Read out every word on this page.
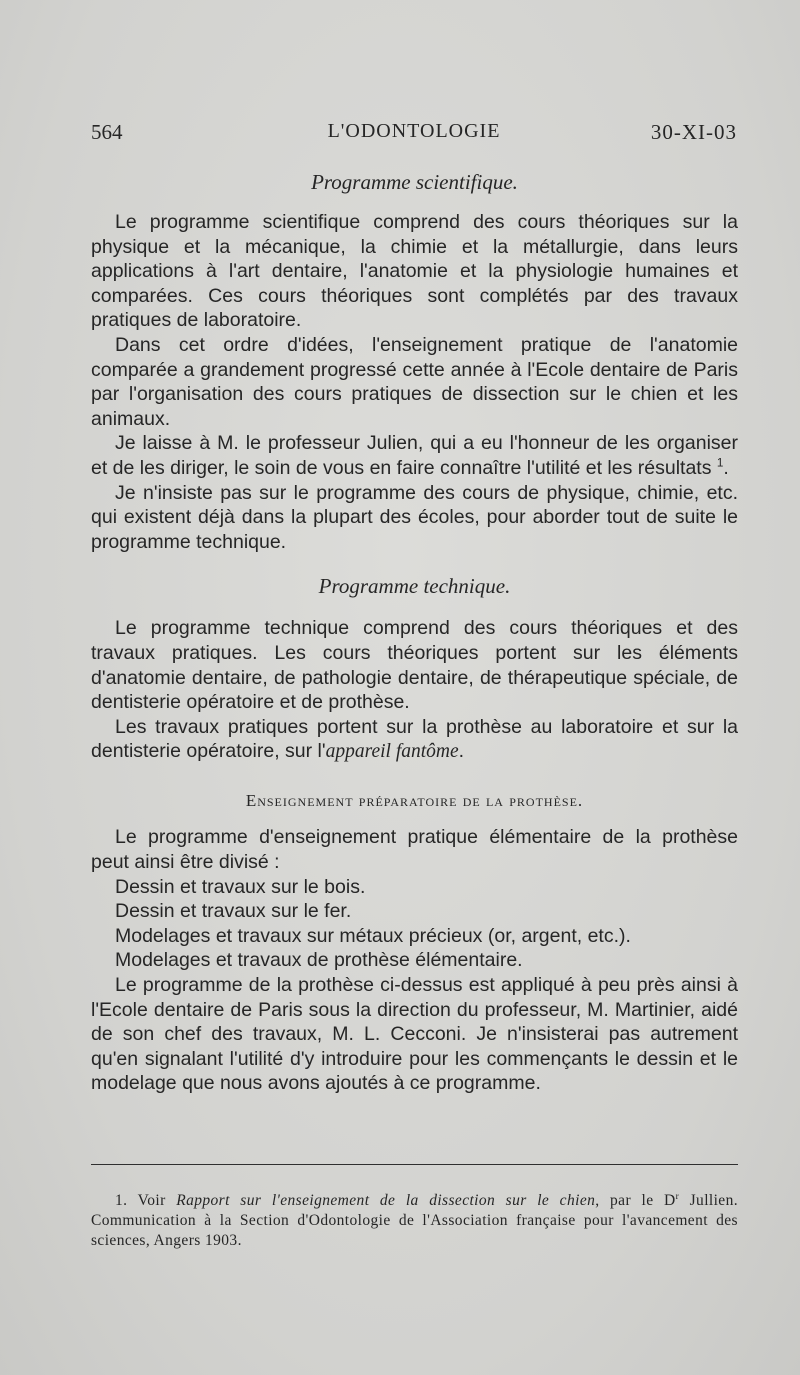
564	L'ODONTOLOGIE	30-XI-03

Programme scientifique.

Le programme scientifique comprend des cours théoriques sur la physique et la mécanique, la chimie et la métallurgie, dans leurs applications à l'art dentaire, l'anatomie et la physiologie humaines et comparées. Ces cours théoriques sont complétés par des travaux pratiques de laboratoire.

Dans cet ordre d'idées, l'enseignement pratique de l'anatomie comparée a grandement progressé cette année à l'Ecole dentaire de Paris par l'organisation des cours pratiques de dissection sur le chien et les animaux.

Je laisse à M. le professeur Julien, qui a eu l'honneur de les organiser et de les diriger, le soin de vous en faire connaître l'utilité et les résultats $^1$.

Je n'insiste pas sur le programme des cours de physique, chimie, etc. qui existent déjà dans la plupart des écoles, pour aborder tout de suite le programme technique.

Programme technique.

Le programme technique comprend des cours théoriques et des travaux pratiques. Les cours théoriques portent sur les éléments d'anatomie dentaire, de pathologie dentaire, de thérapeutique spéciale, de dentisterie opératoire et de prothèse.

Les travaux pratiques portent sur la prothèse au laboratoire et sur la dentisterie opératoire, sur l'appareil fantôme.

Enseignement préparatoire de la prothèse.

Le programme d'enseignement pratique élémentaire de la prothèse peut ainsi être divisé :

Dessin et travaux sur le bois.

Dessin et travaux sur le fer.

Modelages et travaux sur métaux précieux (or, argent, etc.).

Modelages et travaux de prothèse élémentaire.

Le programme de la prothèse ci-dessus est appliqué à peu près ainsi à l'Ecole dentaire de Paris sous la direction du professeur, M. Martinier, aidé de son chef des travaux, M. L. Cecconi. Je n'insisterai pas autrement qu'en signalant l'utilité d'y introduire pour les commençants le dessin et le modelage que nous avons ajoutés à ce programme.

1. Voir Rapport sur l'enseignement de la dissection sur le chien, par le $D^r$ Jullien. Communication à la Section d'Odontologie de l'Association française pour l'avancement des sciences, Angers 1903.
